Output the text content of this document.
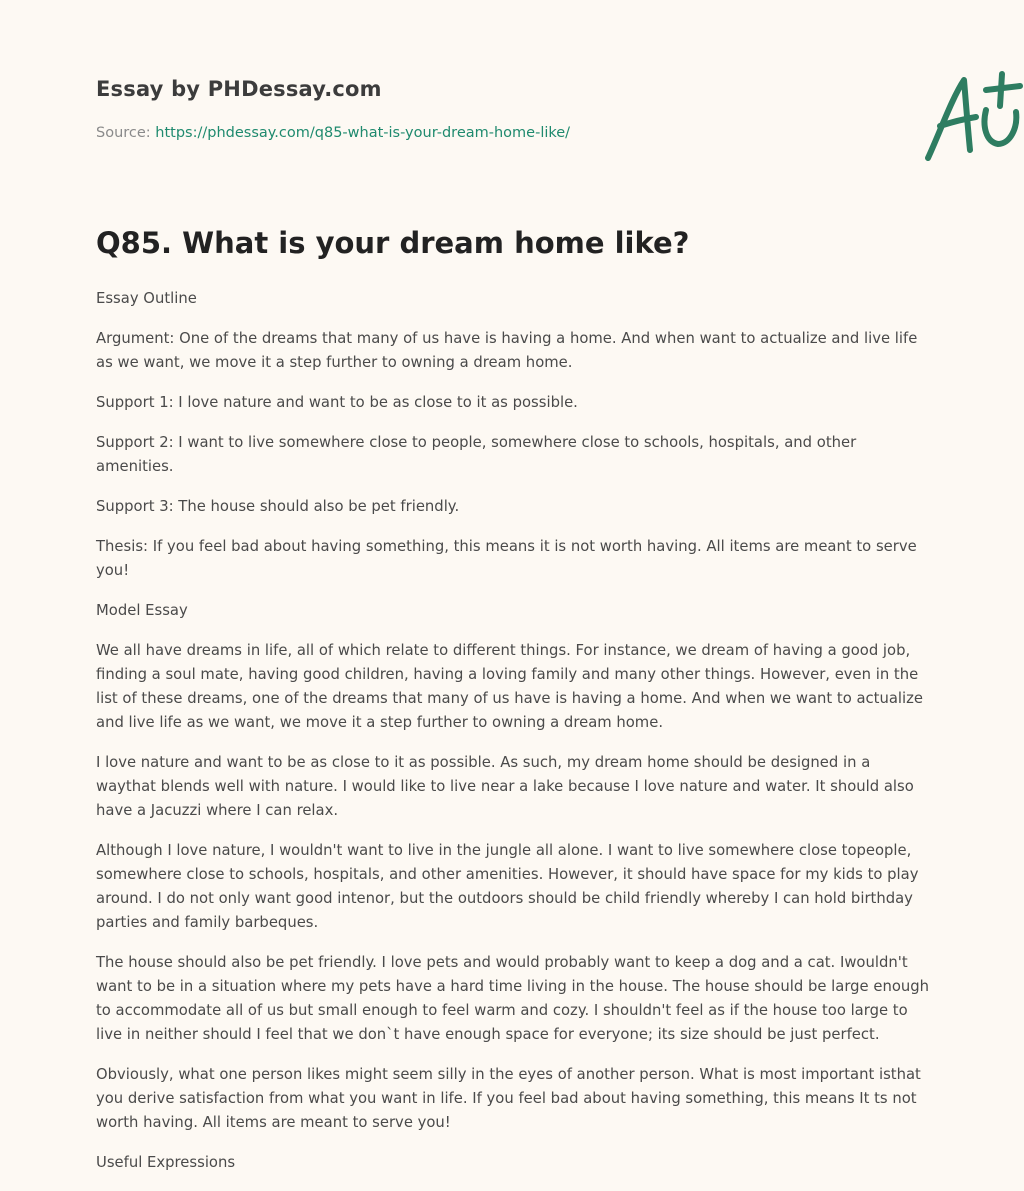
Essay by PHDessay.com
Source: https://phdessay.com/q85-what-is-your-dream-home-like/
Q85. What is your dream home like?

Essay Outline

Argument: One of the dreams that many of us have is having a home. And when want to actualize and live life as we want, we move it a step further to owning a dream home.

Support 1: I love nature and want to be as close to it as possible.

Support 2: I want to live somewhere close to people, somewhere close to schools, hospitals, and other amenities.

Support 3: The house should also be pet friendly.

Thesis: If you feel bad about having something, this means it is not worth having. All items are meant to serve you!

Model Essay

We all have dreams in life, all of which relate to different things. For instance, we dream of having a good job, finding a soul mate, having good children, having a loving family and many other things. However, even in the list of these dreams, one of the dreams that many of us have is having a home. And when we want to actualize and live life as we want, we move it a step further to owning a dream home.

I love nature and want to be as close to it as possible. As such, my dream home should be designed in a waythat blends well with nature. I would like to live near a lake because I love nature and water. It should also have a Jacuzzi where I can relax.

Although I love nature, I wouldn't want to live in the jungle all alone. I want to live somewhere close topeople, somewhere close to schools, hospitals, and other amenities. However, it should have space for my kids to play around. I do not only want good intenor, but the outdoors should be child friendly whereby I can hold birthday parties and family barbeques.

The house should also be pet friendly. I love pets and would probably want to keep a dog and a cat. Iwouldn't want to be in a situation where my pets have a hard time living in the house. The house should be large enough to accommodate all of us but small enough to feel warm and cozy. I shouldn't feel as if the house too large to live in neither should I feel that we don`t have enough space for everyone; its size should be just perfect.

Obviously, what one person likes might seem silly in the eyes of another person. What is most important isthat you derive satisfaction from what you want in life. If you feel bad about having something, this means It ts not worth having. All items are meant to serve you!

Useful Expressions
